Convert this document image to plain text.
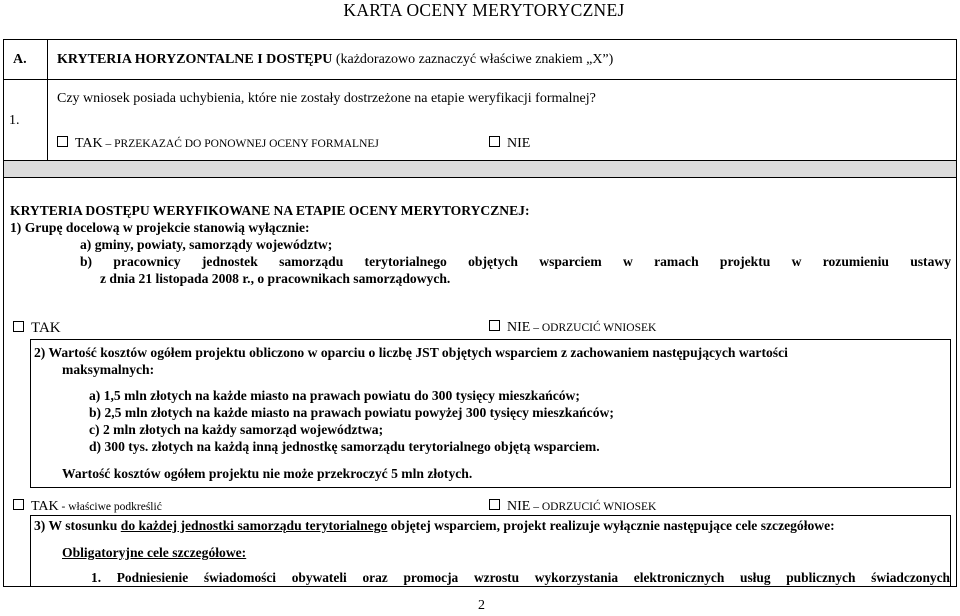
KARTA OCENY MERYTORYCZNEJ
A. KRYTERIA HORYZONTALNE I DOSTĘPU (każdorazowo zaznaczyć właściwe znakiem „X”)
1.
Czy wniosek posiada uchybienia, które nie zostały dostrzeżone na etapie weryfikacji formalnej?
TAK – PRZEKAZAĆ DO PONOWNEJ OCENY FORMALNEJ	NIE
KRYTERIA DOSTĘPU WERYFIKOWANE NA ETAPIE OCENY MERYTORYCZNEJ:
1) Grupę docelową w projekcie stanowią wyłącznie:
a) gminy, powiaty, samorządy województw;
b) pracownicy jednostek samorządu terytorialnego objętych wsparciem w ramach projektu w rozumieniu ustawy
z dnia 21 listopada 2008 r., o pracownikach samorządowych.
TAK	NIE – ODRZUCIĆ WNIOSEK
2) Wartość kosztów ogółem projektu obliczono w oparciu o liczbę JST objętych wsparciem z zachowaniem następujących wartości
maksymalnych:
a) 1,5 mln złotych na każde miasto na prawach powiatu do 300 tysięcy mieszkańców;
b) 2,5 mln złotych na każde miasto na prawach powiatu powyżej 300 tysięcy mieszkańców;
c) 2 mln złotych na każdy samorząd województwa;
d) 300 tys. złotych na każdą inną jednostkę samorządu terytorialnego objętą wsparciem.
Wartość kosztów ogółem projektu nie może przekroczyć 5 mln złotych.
TAK - właściwe podkreślić	NIE – ODRZUCIĆ WNIOSEK
3) W stosunku do każdej jednostki samorządu terytorialnego objętej wsparciem, projekt realizuje wyłącznie następujące cele szczegółowe:
Obligatoryjne cele szczegółowe:
1. Podniesienie świadomości obywateli oraz promocja wzrostu wykorzystania elektronicznych usług publicznych świadczonych
2
